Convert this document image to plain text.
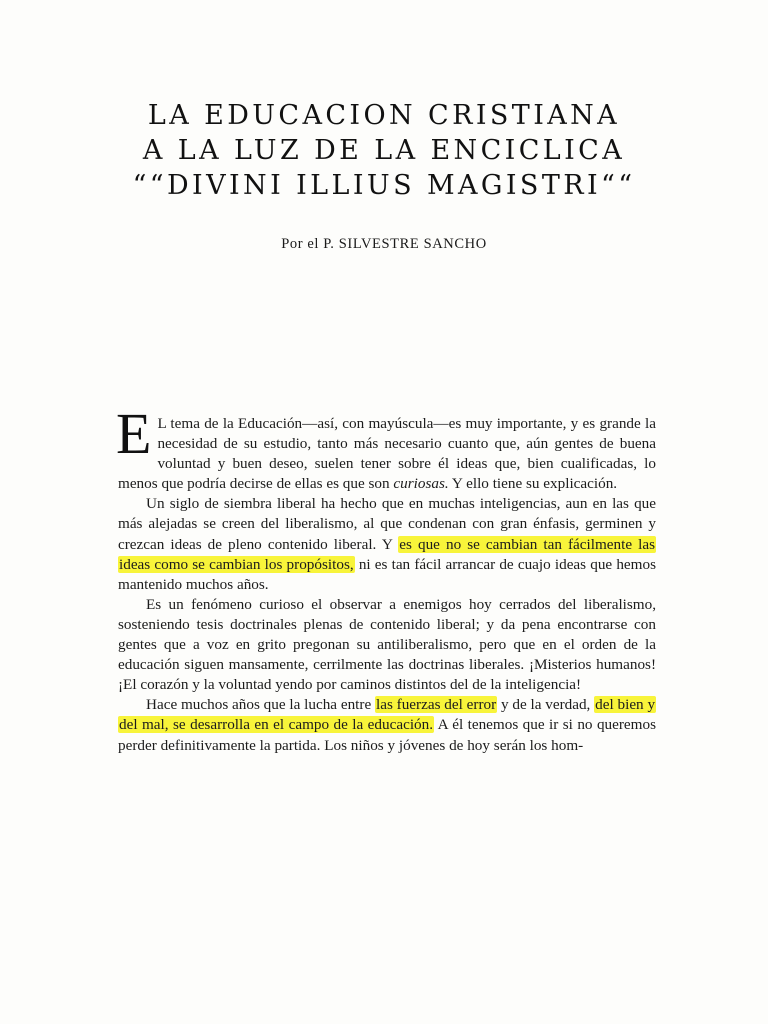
LA EDUCACION CRISTIANA
A LA LUZ DE LA ENCICLICA
““DIVINI ILLIUS MAGISTRI““
Por el P. SILVESTRE SANCHO

E L tema de la Educación—así, con mayúscula—es muy importante, y es grande la necesidad de su estudio, tanto más necesario cuanto que, aún gentes de buena voluntad y buen deseo, suelen tener sobre él ideas que, bien cualificadas, lo menos que podría decirse de ellas es que son curiosas. Y ello tiene su explicación.

Un siglo de siembra liberal ha hecho que en muchas inteligencias, aun en las que más alejadas se creen del liberalismo, al que condenan con gran énfasis, germinen y crezcan ideas de pleno contenido liberal. Y es que no se cambian tan fácilmente las ideas como se cambian los propósitos, ni es tan fácil arrancar de cuajo ideas que hemos mantenido muchos años.

Es un fenómeno curioso el observar a enemigos hoy cerrados del liberalismo, sosteniendo tesis doctrinales plenas de contenido liberal; y da pena encontrarse con gentes que a voz en grito pregonan su antiliberalismo, pero que en el orden de la educación siguen mansamente, cerrilmente las doctrinas liberales. ¡Misterios humanos! ¡El corazón y la voluntad yendo por caminos distintos del de la inteligencia!

Hace muchos años que la lucha entre las fuerzas del error y de la verdad, del bien y del mal, se desarrolla en el campo de la educación. A él tenemos que ir si no queremos perder definitivamente la partida. Los niños y jóvenes de hoy serán los hom-
